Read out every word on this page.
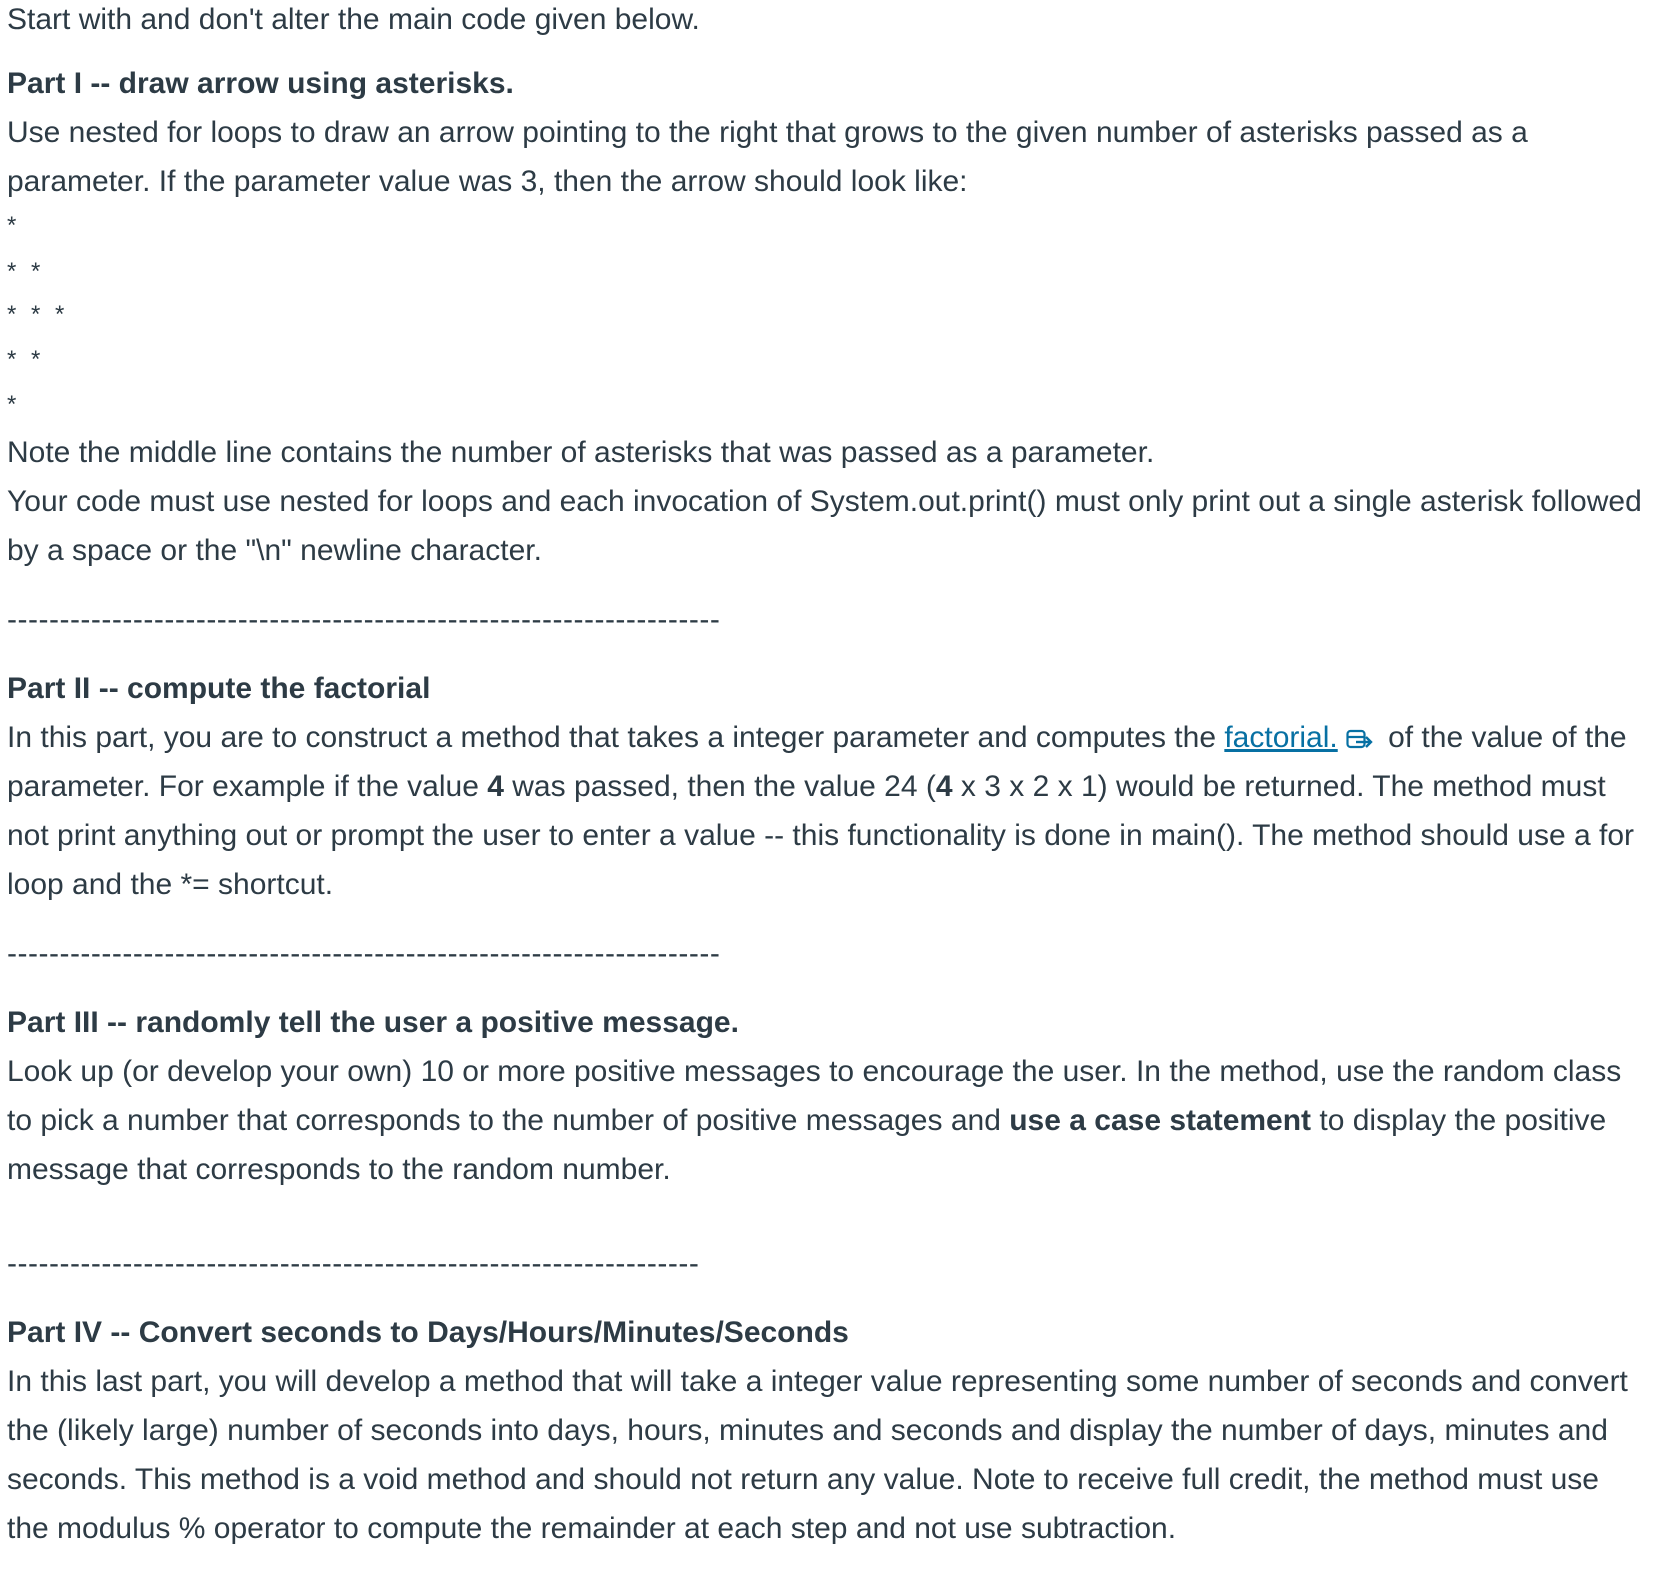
Start with and don't alter the main code given below.

Part I -- draw arrow using asterisks.

Use nested for loops to draw an arrow pointing to the right that grows to the given number of asterisks passed as a parameter. If the parameter value was 3, then the arrow should look like:

*
* *
* * *
* *
*

Note the middle line contains the number of asterisks that was passed as a parameter.

Your code must use nested for loops and each invocation of System.out.print() must only print out a single asterisk followed by a space or the "\n" newline character.

--------------------------------------------------------------------

Part II -- compute the factorial

In this part, you are to construct a method that takes a integer parameter and computes the factorial. of the value of the parameter. For example if the value 4 was passed, then the value 24 (4 x 3 x 2 x 1) would be returned. The method must not print anything out or prompt the user to enter a value -- this functionality is done in main(). The method should use a for loop and the *= shortcut.

--------------------------------------------------------------------

Part III -- randomly tell the user a positive message.

Look up (or develop your own) 10 or more positive messages to encourage the user. In the method, use the random class to pick a number that corresponds to the number of positive messages and use a case statement to display the positive message that corresponds to the random number.

------------------------------------------------------------------

Part IV -- Convert seconds to Days/Hours/Minutes/Seconds

In this last part, you will develop a method that will take a integer value representing some number of seconds and convert the (likely large) number of seconds into days, hours, minutes and seconds and display the number of days, minutes and seconds. This method is a void method and should not return any value. Note to receive full credit, the method must use the modulus % operator to compute the remainder at each step and not use subtraction.
